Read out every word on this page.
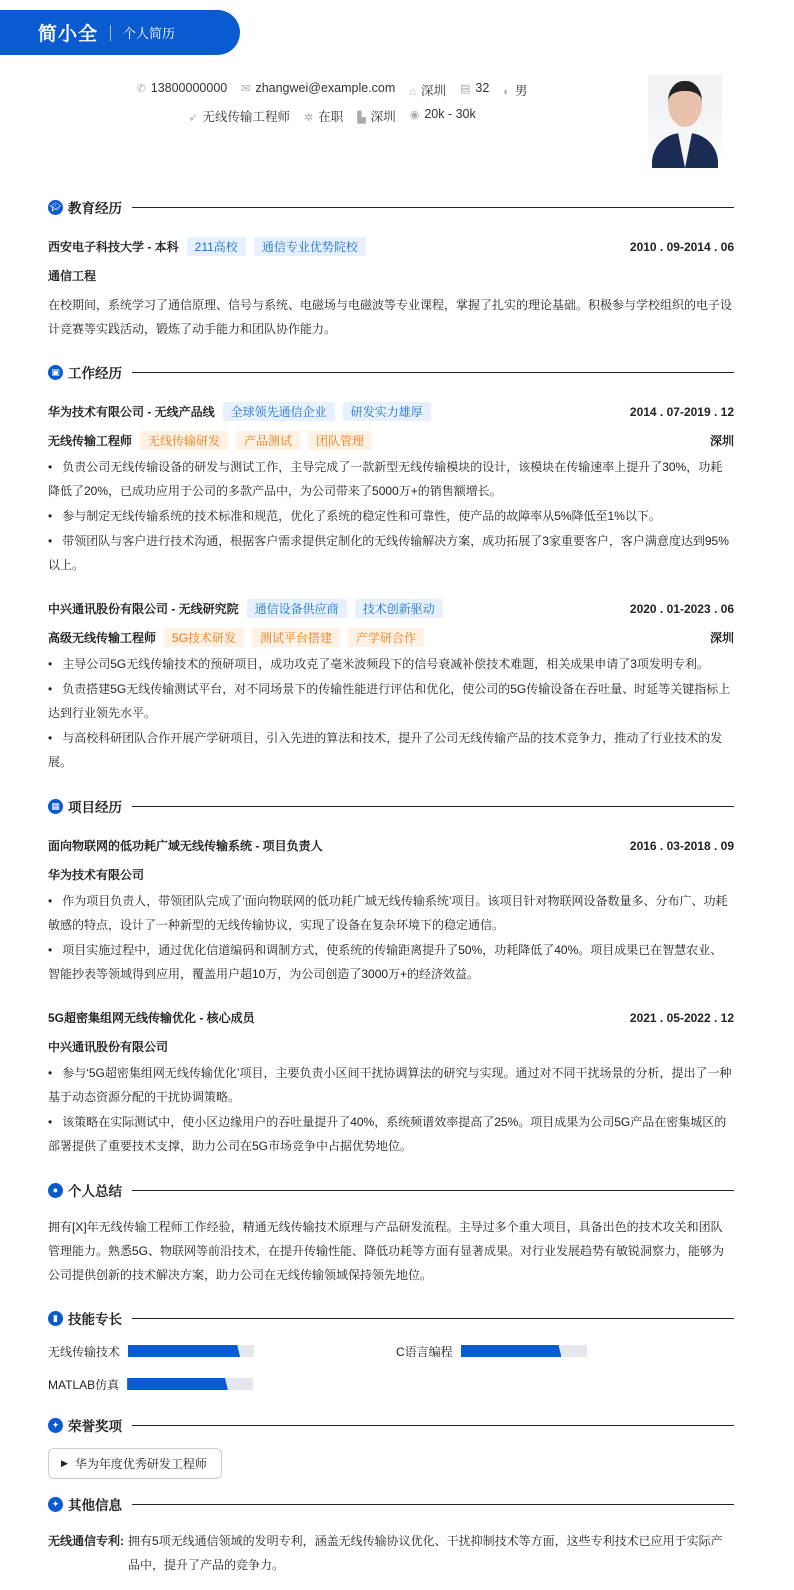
简小全 个人简历
✆ 13800000000 ✉ zhangwei@example.com ⌂ 深圳 ▤ 32 ◐ 男
➶ 无线传输工程师 ✲ 在职 ▙ 深圳 ◉ 20k - 30k
🎓︎ 教育经历
西安电子科技大学 - 本科	211高校	通信专业优势院校	2010 . 09-2014 . 06
通信工程

在校期间，系统学习了通信原理、信号与系统、电磁场与电磁波等专业课程，掌握了扎实的理论基础。积极参与学校组织的电子设计竞赛等实践活动，锻炼了动手能力和团队协作能力。

▣ 工作经历
华为技术有限公司 - 无线产品线	全球领先通信企业	研发实力雄厚	2014 . 07-2019 . 12
无线传输工程师	无线传输研发	产品测试	团队管理	深圳
• 负责公司无线传输设备的研发与测试工作，主导完成了一款新型无线传输模块的设计，该模块在传输速率上提升了30%，功耗降低了20%，已成功应用于公司的多款产品中，为公司带来了5000万+的销售额增长。
• 参与制定无线传输系统的技术标准和规范，优化了系统的稳定性和可靠性，使产品的故障率从5%降低至1%以下。
• 带领团队与客户进行技术沟通，根据客户需求提供定制化的无线传输解决方案，成功拓展了3家重要客户，客户满意度达到95%以上。
中兴通讯股份有限公司 - 无线研究院	通信设备供应商	技术创新驱动	2020 . 01-2023 . 06
高级无线传输工程师	5G技术研发	测试平台搭建	产学研合作	深圳
• 主导公司5G无线传输技术的预研项目，成功攻克了毫米波频段下的信号衰减补偿技术难题，相关成果申请了3项发明专利。
• 负责搭建5G无线传输测试平台，对不同场景下的传输性能进行评估和优化，使公司的5G传输设备在吞吐量、时延等关键指标上达到行业领先水平。
• 与高校科研团队合作开展产学研项目，引入先进的算法和技术，提升了公司无线传输产品的技术竞争力，推动了行业技术的发展。
▦ 项目经历
面向物联网的低功耗广域无线传输系统 - 项目负责人	2016 . 03-2018 . 09
华为技术有限公司
• 作为项目负责人，带领团队完成了‘面向物联网的低功耗广域无线传输系统’项目。该项目针对物联网设备数量多、分布广、功耗敏感的特点，设计了一种新型的无线传输协议，实现了设备在复杂环境下的稳定通信。
• 项目实施过程中，通过优化信道编码和调制方式，使系统的传输距离提升了50%，功耗降低了40%。项目成果已在智慧农业、智能抄表等领域得到应用，覆盖用户超10万，为公司创造了3000万+的经济效益。
5G超密集组网无线传输优化 - 核心成员	2021 . 05-2022 . 12
中兴通讯股份有限公司
• 参与‘5G超密集组网无线传输优化’项目，主要负责小区间干扰协调算法的研究与实现。通过对不同干扰场景的分析，提出了一种基于动态资源分配的干扰协调策略。
• 该策略在实际测试中，使小区边缘用户的吞吐量提升了40%，系统频谱效率提高了25%。项目成果为公司5G产品在密集城区的部署提供了重要技术支撑，助力公司在5G市场竞争中占据优势地位。
● 个人总结

拥有[X]年无线传输工程师工作经验，精通无线传输技术原理与产品研发流程。主导过多个重大项目，具备出色的技术攻关和团队管理能力。熟悉5G、物联网等前沿技术，在提升传输性能、降低功耗等方面有显著成果。对行业发展趋势有敏锐洞察力，能够为公司提供创新的技术解决方案，助力公司在无线传输领域保持领先地位。

▮ 技能专长
无线传输技术	C语言编程
MATLAB仿真
✦ 荣誉奖项
▶ 华为年度优秀研发工程师
✦ 其他信息
无线通信专利: 拥有5项无线通信领域的发明专利，涵盖无线传输协议优化、干扰抑制技术等方面，这些专利技术已应用于实际产品中，提升了产品的竞争力。
